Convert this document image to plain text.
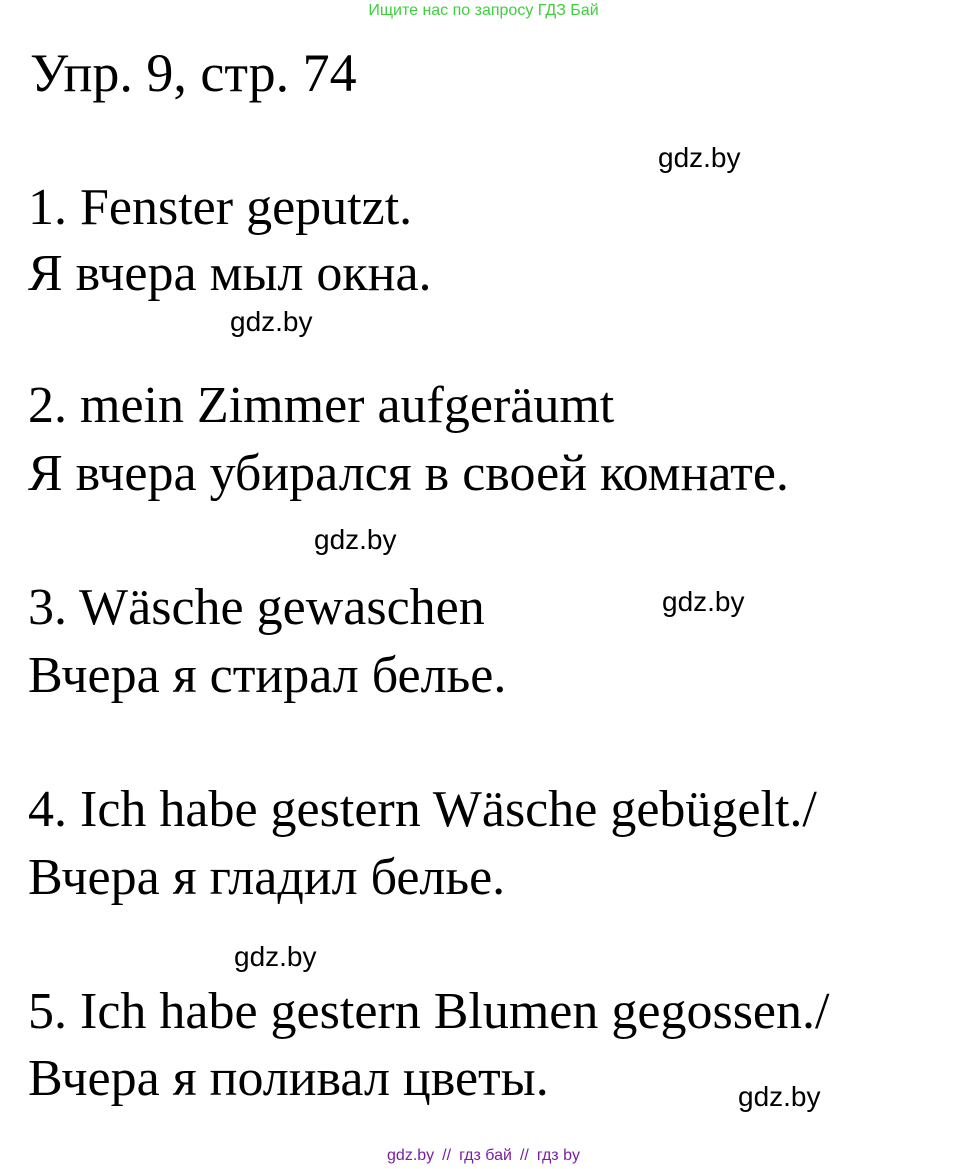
Ищите нас по запросу ГДЗ Бай
Упр. 9, стр. 74
1. Fenster geputzt.
Я вчера мыл окна.
2. mein Zimmer aufgeräumt
Я вчера убирался в своей комнате.
3. Wäsche gewaschen
Вчера я стирал белье.
4. Ich habe gestern Wäsche gebügelt./
Вчера я гладил белье.
5. Ich habe gestern Blumen gegossen./
Вчера я поливал цветы.
gdz.by
gdz.by
gdz.by
gdz.by
gdz.by
gdz.by
gdz.by // гдз бай // гдз by
